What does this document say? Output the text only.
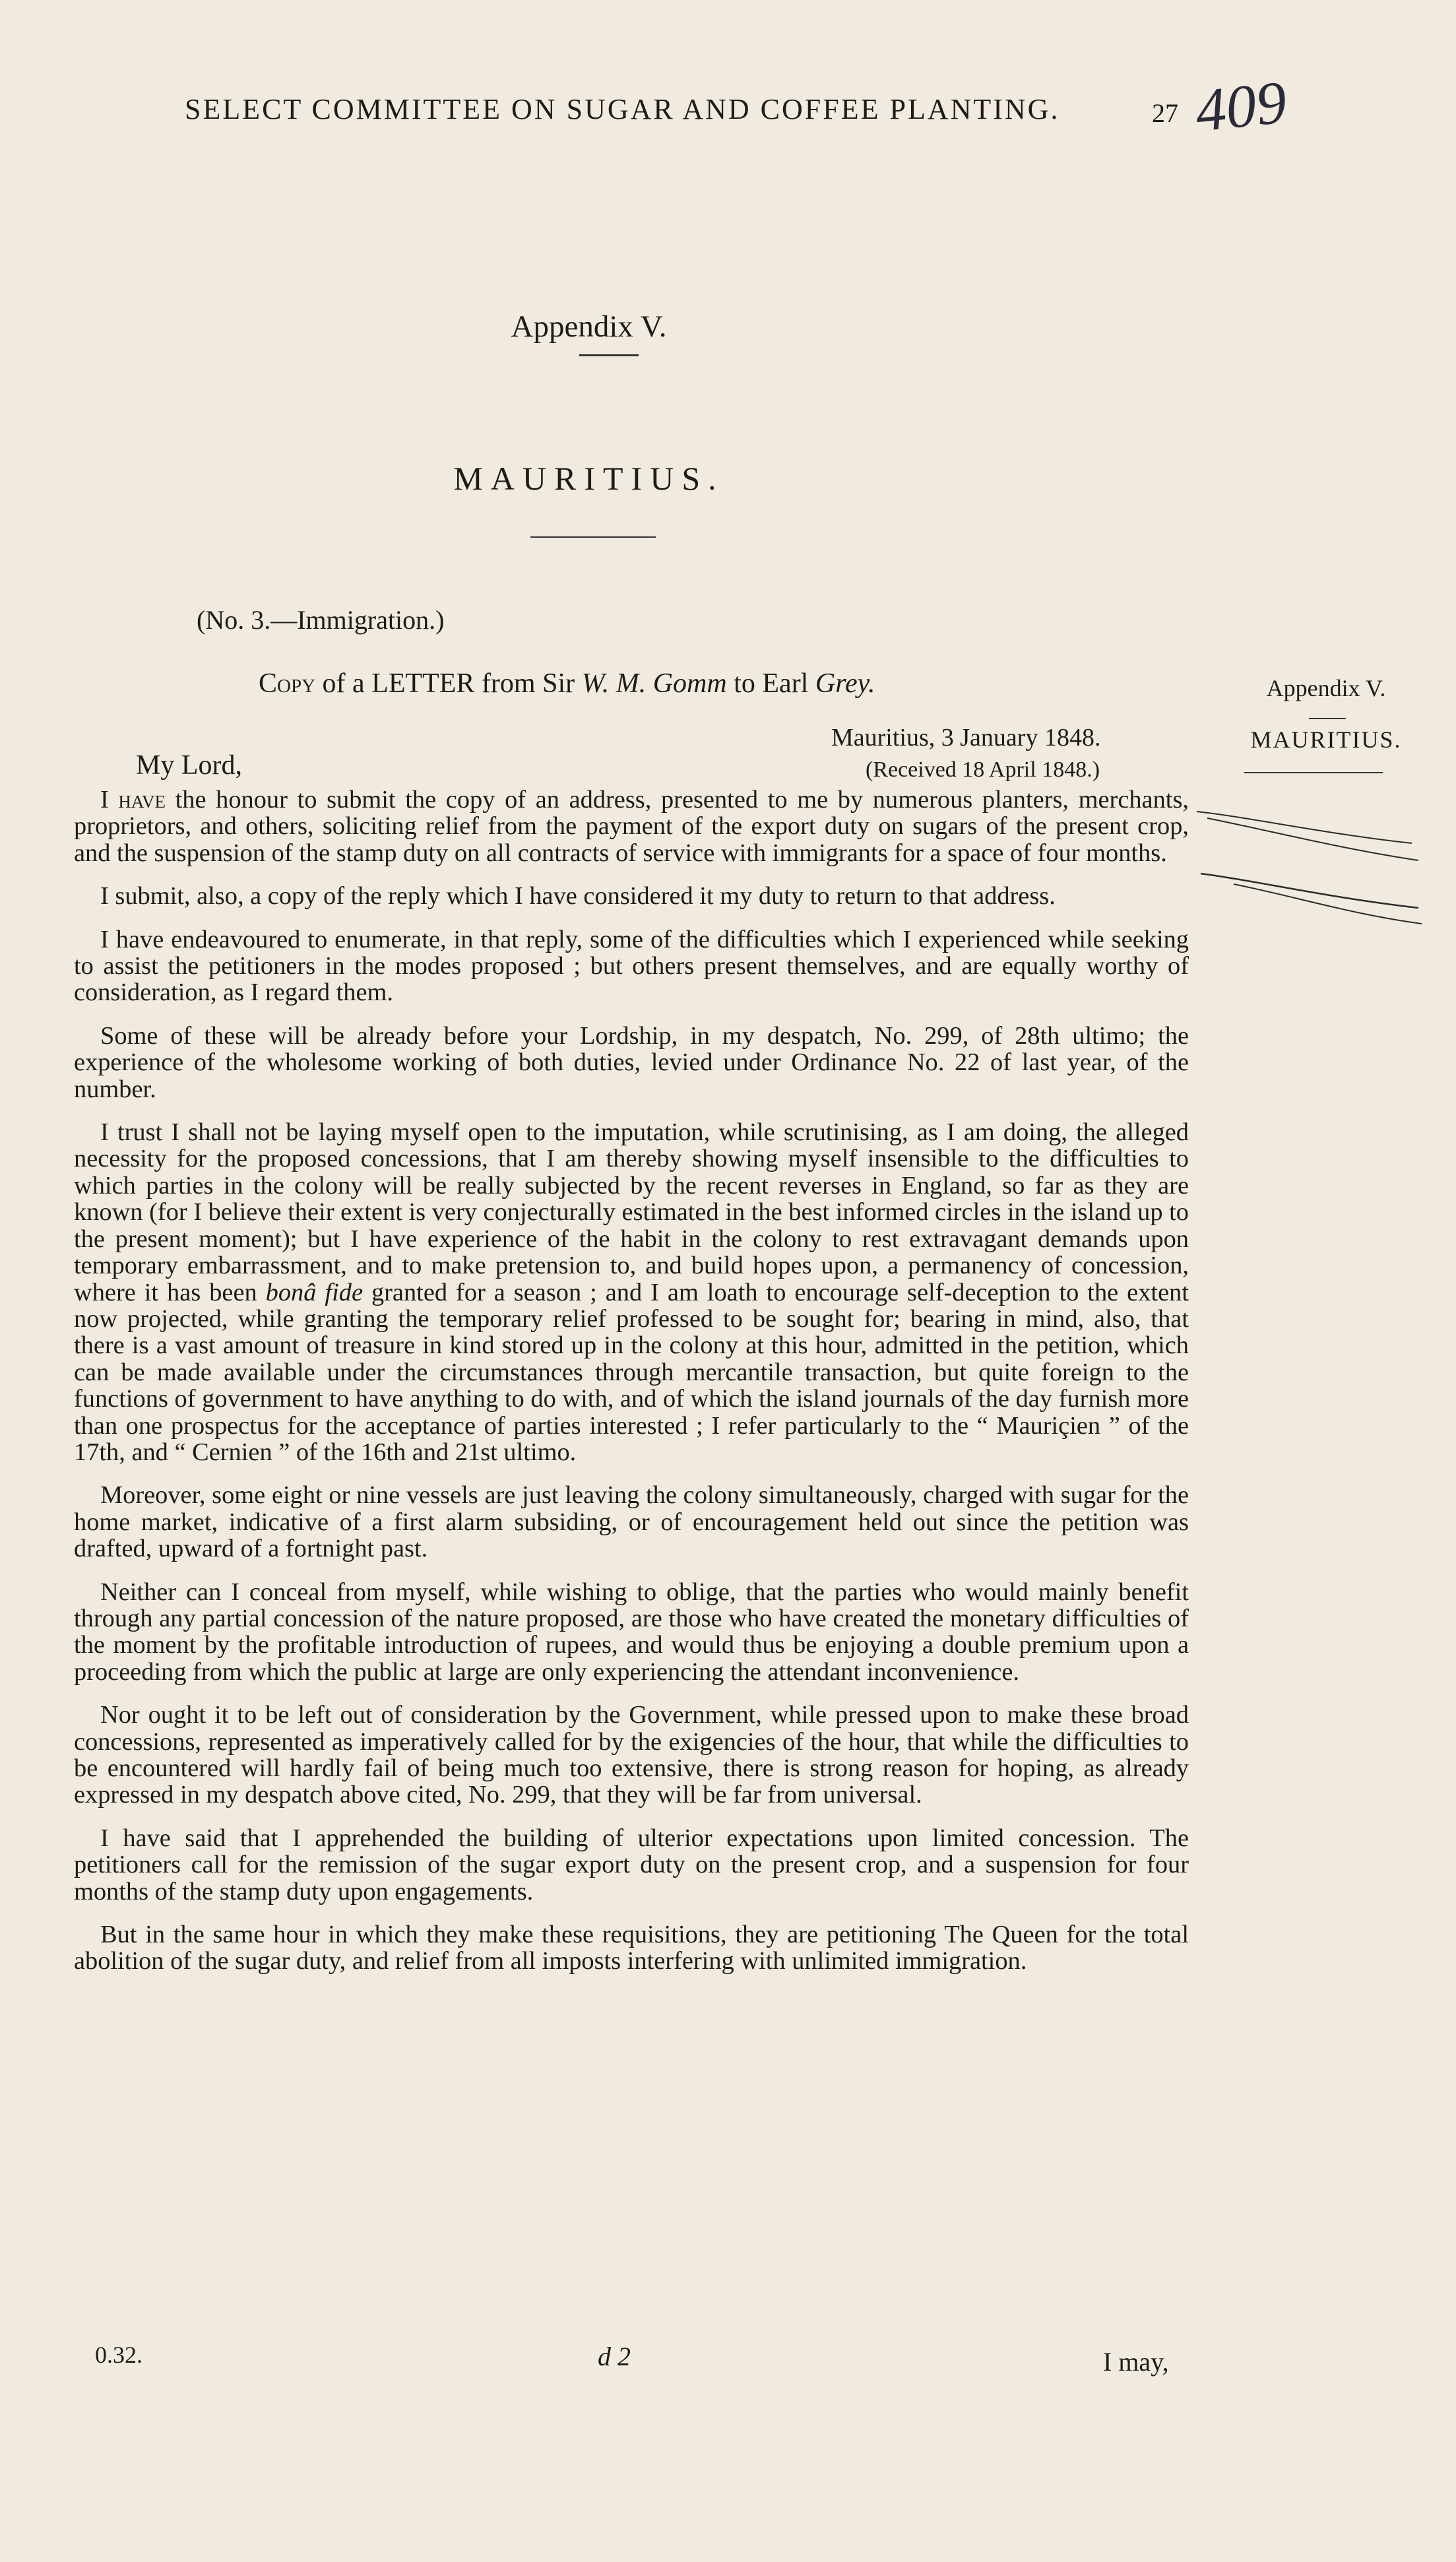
SELECT COMMITTEE ON SUGAR AND COFFEE PLANTING.	27 409
Appendix V.
MAURITIUS.
(No. 3.—Immigration.)
Copy of a LETTER from Sir W. M. Gomm to Earl Grey.	Appendix V.
MAURITIUS.
Mauritius, 3 January 1848.
(Received 18 April 1848.)
My Lord,

I have the honour to submit the copy of an address, presented to me by numerous planters, merchants, proprietors, and others, soliciting relief from the payment of the export duty on sugars of the present crop, and the suspension of the stamp duty on all contracts of service with immigrants for a space of four months.

I submit, also, a copy of the reply which I have considered it my duty to return to that address.

I have endeavoured to enumerate, in that reply, some of the difficulties which I experienced while seeking to assist the petitioners in the modes proposed ; but others present themselves, and are equally worthy of consideration, as I regard them.

Some of these will be already before your Lordship, in my despatch, No. 299, of 28th ultimo; the experience of the wholesome working of both duties, levied under Ordinance No. 22 of last year, of the number.

I trust I shall not be laying myself open to the imputation, while scrutinising, as I am doing, the alleged necessity for the proposed concessions, that I am thereby showing myself insensible to the difficulties to which parties in the colony will be really subjected by the recent reverses in England, so far as they are known (for I believe their extent is very conjecturally estimated in the best informed circles in the island up to the present moment); but I have experience of the habit in the colony to rest extravagant demands upon temporary embarrassment, and to make pretension to, and build hopes upon, a permanency of concession, where it has been bonâ fide granted for a season ; and I am loath to encourage self-deception to the extent now projected, while granting the temporary relief professed to be sought for; bearing in mind, also, that there is a vast amount of treasure in kind stored up in the colony at this hour, admitted in the petition, which can be made available under the circumstances through mercantile transaction, but quite foreign to the functions of government to have anything to do with, and of which the island journals of the day furnish more than one prospectus for the acceptance of parties interested ; I refer particularly to the “ Mauriçien ” of the 17th, and “ Cernien ” of the 16th and 21st ultimo.

Moreover, some eight or nine vessels are just leaving the colony simultaneously, charged with sugar for the home market, indicative of a first alarm subsiding, or of encouragement held out since the petition was drafted, upward of a fortnight past.

Neither can I conceal from myself, while wishing to oblige, that the parties who would mainly benefit through any partial concession of the nature proposed, are those who have created the monetary difficulties of the moment by the profitable introduction of rupees, and would thus be enjoying a double premium upon a proceeding from which the public at large are only experiencing the attendant inconvenience.

Nor ought it to be left out of consideration by the Government, while pressed upon to make these broad concessions, represented as imperatively called for by the exigencies of the hour, that while the difficulties to be encountered will hardly fail of being much too extensive, there is strong reason for hoping, as already expressed in my despatch above cited, No. 299, that they will be far from universal.

I have said that I apprehended the building of ulterior expectations upon limited concession. The petitioners call for the remission of the sugar export duty on the present crop, and a suspension for four months of the stamp duty upon engagements.

But in the same hour in which they make these requisitions, they are petitioning The Queen for the total abolition of the sugar duty, and relief from all imposts interfering with unlimited immigration.

0.32.	d 2	I may,
